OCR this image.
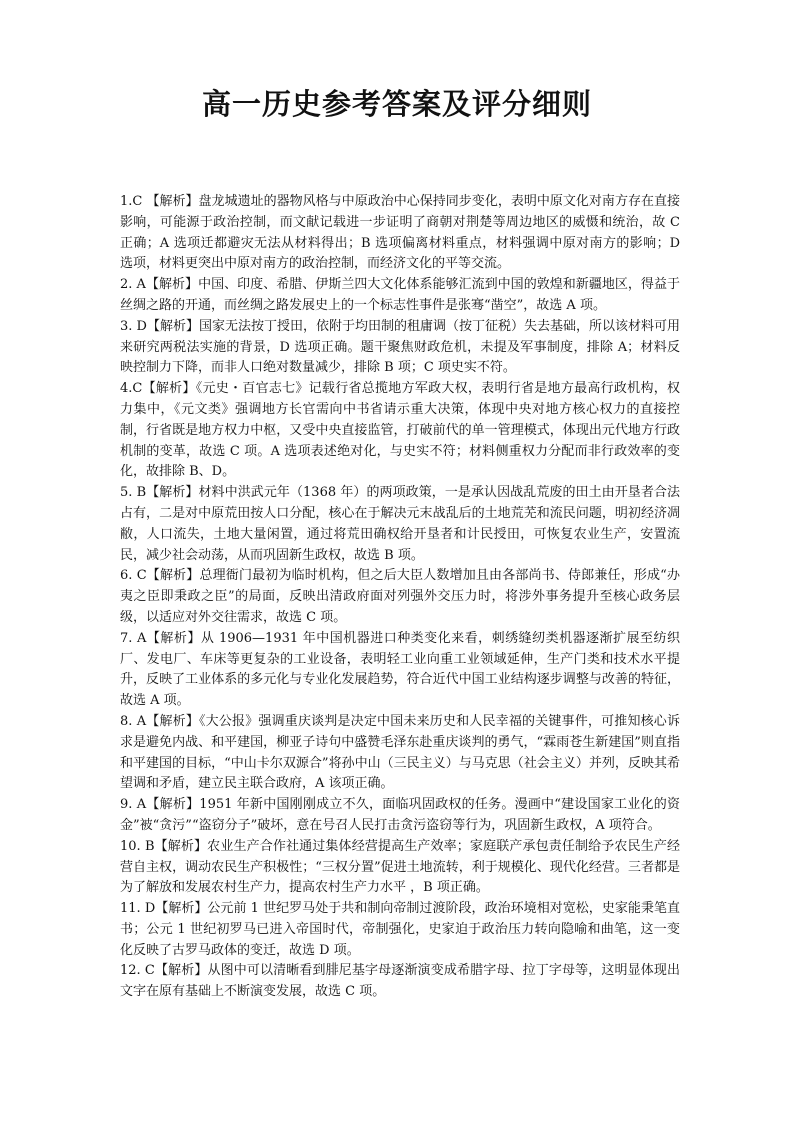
高一历史参考答案及评分细则

1.C 【解析】盘龙城遗址的器物风格与中原政治中心保持同步变化，表明中原文化对南方存在直接影响，可能源于政治控制，而文献记载进一步证明了商朝对荆楚等周边地区的威慑和统治，故 C 正确；A 选项迁都避灾无法从材料得出；B 选项偏离材料重点，材料强调中原对南方的影响；D 选项，材料更突出中原对南方的政治控制，而经济文化的平等交流。

2. A【解析】中国、印度、希腊、伊斯兰四大文化体系能够汇流到中国的敦煌和新疆地区，得益于丝绸之路的开通，而丝绸之路发展史上的一个标志性事件是张骞“凿空”，故选 A 项。

3. D【解析】国家无法按丁授田，依附于均田制的租庸调（按丁征税）失去基础，所以该材料可用来研究两税法实施的背景，D 选项正确。题干聚焦财政危机，未提及军事制度，排除 A；材料反映控制力下降，而非人口绝对数量减少，排除 B 项；C 项史实不符。

4.C【解析】《元史・百官志七》记载行省总揽地方军政大权，表明行省是地方最高行政机构，权力集中，《元文类》强调地方长官需向中书省请示重大决策，体现中央对地方核心权力的直接控制，行省既是地方权力中枢，又受中央直接监管，打破前代的单一管理模式，体现出元代地方行政机制的变革，故选 C 项。A 选项表述绝对化，与史实不符；材料侧重权力分配而非行政效率的变化，故排除 B、D。

5. B【解析】材料中洪武元年（1368 年）的两项政策，一是承认因战乱荒废的田土由开垦者合法占有，二是对中原荒田按人口分配，核心在于解决元末战乱后的土地荒芜和流民问题，明初经济凋敝，人口流失，土地大量闲置，通过将荒田确权给开垦者和计民授田，可恢复农业生产，安置流民，减少社会动荡，从而巩固新生政权，故选 B 项。

6. C【解析】总理衙门最初为临时机构，但之后大臣人数增加且由各部尚书、侍郎兼任，形成“办夷之臣即秉政之臣”的局面，反映出清政府面对列强外交压力时，将涉外事务提升至核心政务层级，以适应对外交往需求，故选 C 项。

7. A【解析】从 1906—1931 年中国机器进口种类变化来看，刺绣缝纫类机器逐渐扩展至纺织厂、发电厂、车床等更复杂的工业设备，表明轻工业向重工业领域延伸，生产门类和技术水平提升，反映了工业体系的多元化与专业化发展趋势，符合近代中国工业结构逐步调整与改善的特征，故选 A 项。

8. A【解析】《大公报》强调重庆谈判是决定中国未来历史和人民幸福的关键事件，可推知核心诉求是避免内战、和平建国，柳亚子诗句中盛赞毛泽东赴重庆谈判的勇气，“霖雨苍生新建国”则直指和平建国的目标，“中山卡尔双源合”将孙中山（三民主义）与马克思（社会主义）并列，反映其希望调和矛盾，建立民主联合政府，A 该项正确。

9. A【解析】1951 年新中国刚刚成立不久，面临巩固政权的任务。漫画中“建设国家工业化的资金”被“贪污”“盗窃分子”破坏，意在号召人民打击贪污盗窃等行为，巩固新生政权，A 项符合。

10. B【解析】农业生产合作社通过集体经营提高生产效率；家庭联产承包责任制给予农民生产经营自主权，调动农民生产积极性；“三权分置”促进土地流转，利于规模化、现代化经营。三者都是为了解放和发展农村生产力，提高农村生产力水平 ，B 项正确。

11. D【解析】公元前 1 世纪罗马处于共和制向帝制过渡阶段，政治环境相对宽松，史家能秉笔直书；公元 1 世纪初罗马已进入帝国时代，帝制强化，史家迫于政治压力转向隐喻和曲笔，这一变化反映了古罗马政体的变迁，故选 D 项。

12. C【解析】从图中可以清晰看到腓尼基字母逐渐演变成希腊字母、拉丁字母等，这明显体现出文字在原有基础上不断演变发展，故选 C 项。
